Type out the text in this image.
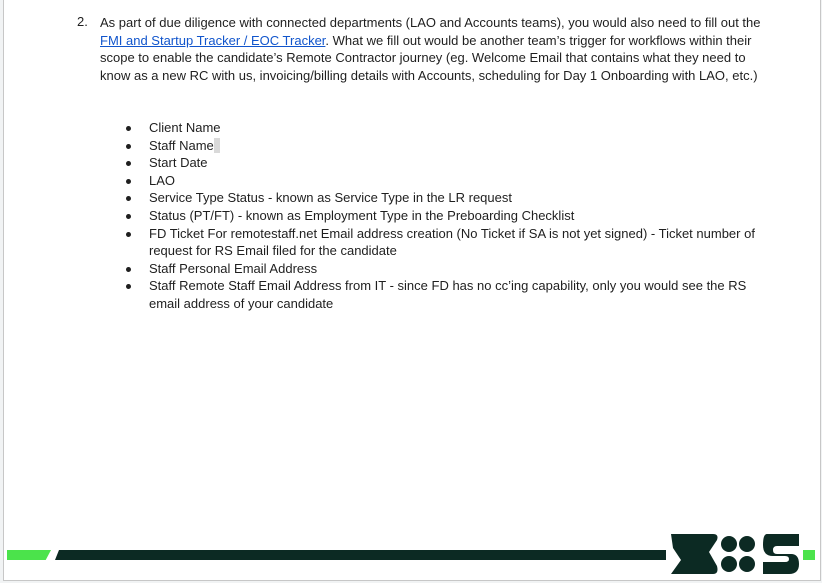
2. As part of due diligence with connected departments (LAO and Accounts teams), you would also need to fill out the FMI and Startup Tracker / EOC Tracker. What we fill out would be another team’s trigger for workflows within their scope to enable the candidate’s Remote Contractor journey (eg. Welcome Email that contains what they need to know as a new RC with us, invoicing/billing details with Accounts, scheduling for Day 1 Onboarding with LAO, etc.)

Client Name
Staff Name
Start Date
LAO
Service Type Status - known as Service Type in the LR request
Status (PT/FT) - known as Employment Type in the Preboarding Checklist
FD Ticket For remotestaff.net Email address creation (No Ticket if SA is not yet signed) - Ticket number of request for RS Email filed for the candidate
Staff Personal Email Address
Staff Remote Staff Email Address from IT - since FD has no cc’ing capability, only you would see the RS email address of your candidate
